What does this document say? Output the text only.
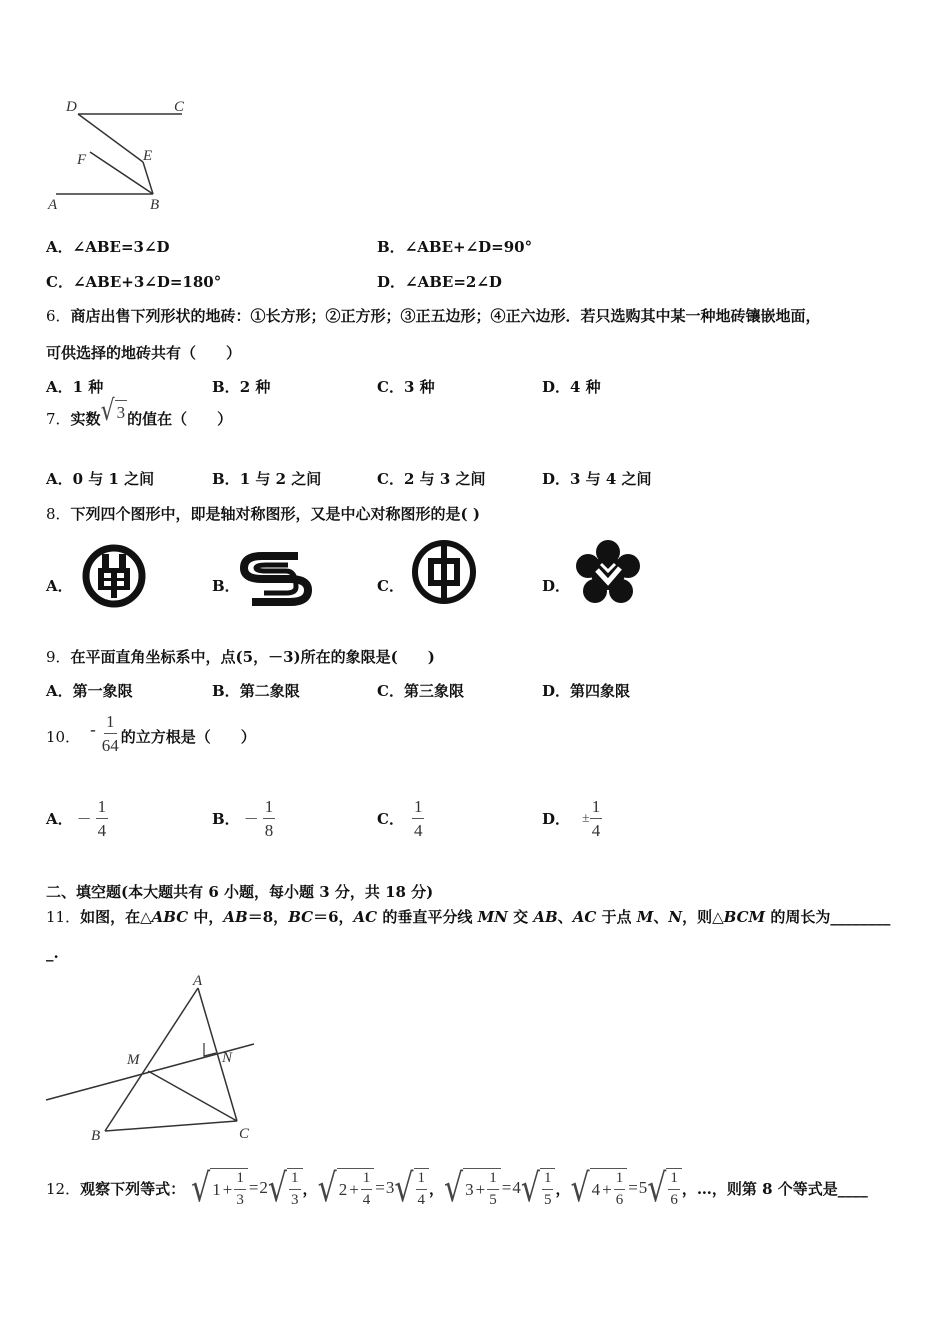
D	C
F	E
A	B
A．∠ABE=3∠D	B．∠ABE+∠D=90°
C．∠ABE+3∠D=180°	D．∠ABE=2∠D
6．商店出售下列形状的地砖：①长方形；②正方形；③正五边形；④正六边形．若只选购其中某一种地砖镶嵌地面，
可供选择的地砖共有（　　）
A．1 种	B．2 种	C．3 种	D．4 种
7． 实数 √ 3 的值在（　　）
A．0 与 1 之间	B．1 与 2 之间	C．2 与 3 之间	D．3 与 4 之间
8．下列四个图形中，即是轴对称图形，又是中心对称图形的是( )
A．	B．	C．	D．
9．在平面直角坐标系中，点(5，－3)所在的象限是(　　)
A．第一象限	B．第二象限	C．第三象限	D．第四象限
10． - $\frac{1}{64}$ 的立方根是（　　）
A． － $\frac{1}{4}$	B． － $\frac{1}{8}$	C． $\frac{1}{4}$	D． ± $\frac{1}{4}$
二、填空题(本大题共有 6 小题，每小题 3 分，共 18 分)
11．如图，在△ABC 中，AB＝8，BC＝6，AC 的垂直平分线 MN 交 AB、AC 于点 M、N，则△BCM 的周长为________
_.
A
M	N
B	C
12． 观察下列等式： √ $1 + \frac{1}{3} = 2$ √ $\frac{1}{3}$ ， √ $2 + \frac{1}{4} = 3$ √ $\frac{1}{4}$ ， √ $3 + \frac{1}{5} = 4$ √ $\frac{1}{5}$ ， √ $4 + \frac{1}{6} = 5$ √ $\frac{1}{6}$ ，…，则第 8 个等式是____
